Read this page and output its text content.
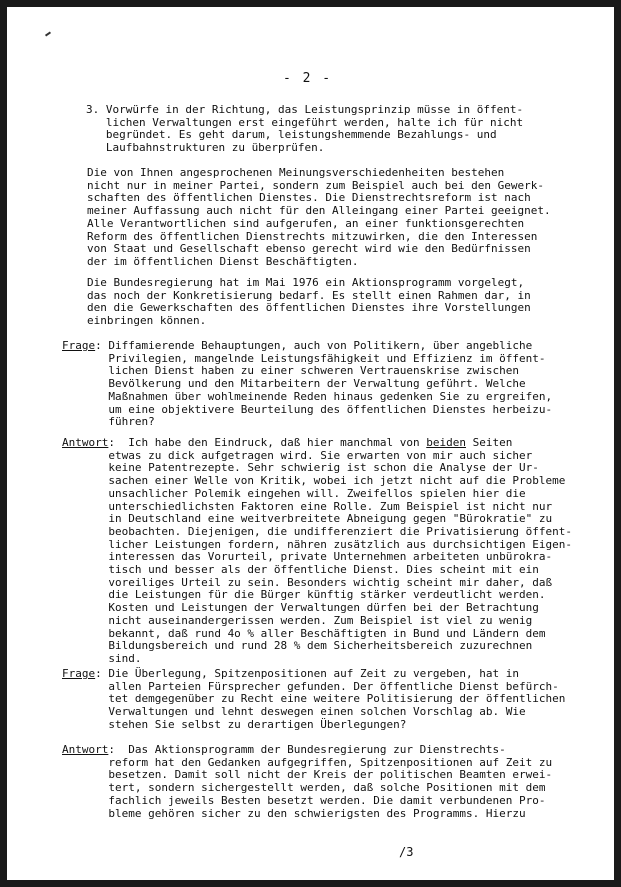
- 2 -
3. Vorwürfe in der Richtung, das Leistungsprinzip müsse in öffent-
lichen Verwaltungen erst eingeführt werden, halte ich für nicht
begründet. Es geht darum, leistungshemmende Bezahlungs- und
Laufbahnstrukturen zu überprüfen.
Die von Ihnen angesprochenen Meinungsverschiedenheiten bestehen
nicht nur in meiner Partei, sondern zum Beispiel auch bei den Gewerk-
schaften des öffentlichen Dienstes. Die Dienstrechtsreform ist nach
meiner Auffassung auch nicht für den Alleingang einer Partei geeignet.
Alle Verantwortlichen sind aufgerufen, an einer funktionsgerechten
Reform des öffentlichen Dienstrechts mitzuwirken, die den Interessen
von Staat und Gesellschaft ebenso gerecht wird wie den Bedürfnissen
der im öffentlichen Dienst Beschäftigten.
Die Bundesregierung hat im Mai 1976 ein Aktionsprogramm vorgelegt,
das noch der Konkretisierung bedarf. Es stellt einen Rahmen dar, in
den die Gewerkschaften des öffentlichen Dienstes ihre Vorstellungen
einbringen können.
Frage: Diffamierende Behauptungen, auch von Politikern, über angebliche
Privilegien, mangelnde Leistungsfähigkeit und Effizienz im öffent-
lichen Dienst haben zu einer schweren Vertrauenskrise zwischen
Bevölkerung und den Mitarbeitern der Verwaltung geführt. Welche
Maßnahmen über wohlmeinende Reden hinaus gedenken Sie zu ergreifen,
um eine objektivere Beurteilung des öffentlichen Dienstes herbeizu-
führen?
Antwort:  Ich habe den Eindruck, daß hier manchmal von beiden Seiten
etwas zu dick aufgetragen wird. Sie erwarten von mir auch sicher
keine Patentrezepte. Sehr schwierig ist schon die Analyse der Ur-
sachen einer Welle von Kritik, wobei ich jetzt nicht auf die Probleme
unsachlicher Polemik eingehen will. Zweifellos spielen hier die
unterschiedlichsten Faktoren eine Rolle. Zum Beispiel ist nicht nur
in Deutschland eine weitverbreitete Abneigung gegen "Bürokratie" zu
beobachten. Diejenigen, die undifferenziert die Privatisierung öffent-
licher Leistungen fordern, nähren zusätzlich aus durchsichtigen Eigen-
interessen das Vorurteil, private Unternehmen arbeiteten unbürokra-
tisch und besser als der öffentliche Dienst. Dies scheint mit ein
voreiliges Urteil zu sein. Besonders wichtig scheint mir daher, daß
die Leistungen für die Bürger künftig stärker verdeutlicht werden.
Kosten und Leistungen der Verwaltungen dürfen bei der Betrachtung
nicht auseinandergerissen werden. Zum Beispiel ist viel zu wenig
bekannt, daß rund 4o % aller Beschäftigten in Bund und Ländern dem
Bildungsbereich und rund 28 % dem Sicherheitsbereich zuzurechnen
sind.
Frage: Die Überlegung, Spitzenpositionen auf Zeit zu vergeben, hat in
allen Parteien Fürsprecher gefunden. Der öffentliche Dienst befürch-
tet demgegenüber zu Recht eine weitere Politisierung der öffentlichen
Verwaltungen und lehnt deswegen einen solchen Vorschlag ab. Wie
stehen Sie selbst zu derartigen Überlegungen?
Antwort:  Das Aktionsprogramm der Bundesregierung zur Dienstrechts-
reform hat den Gedanken aufgegriffen, Spitzenpositionen auf Zeit zu
besetzen. Damit soll nicht der Kreis der politischen Beamten erwei-
tert, sondern sichergestellt werden, daß solche Positionen mit dem
fachlich jeweils Besten besetzt werden. Die damit verbundenen Pro-
bleme gehören sicher zu den schwierigsten des Programms. Hierzu
/3
